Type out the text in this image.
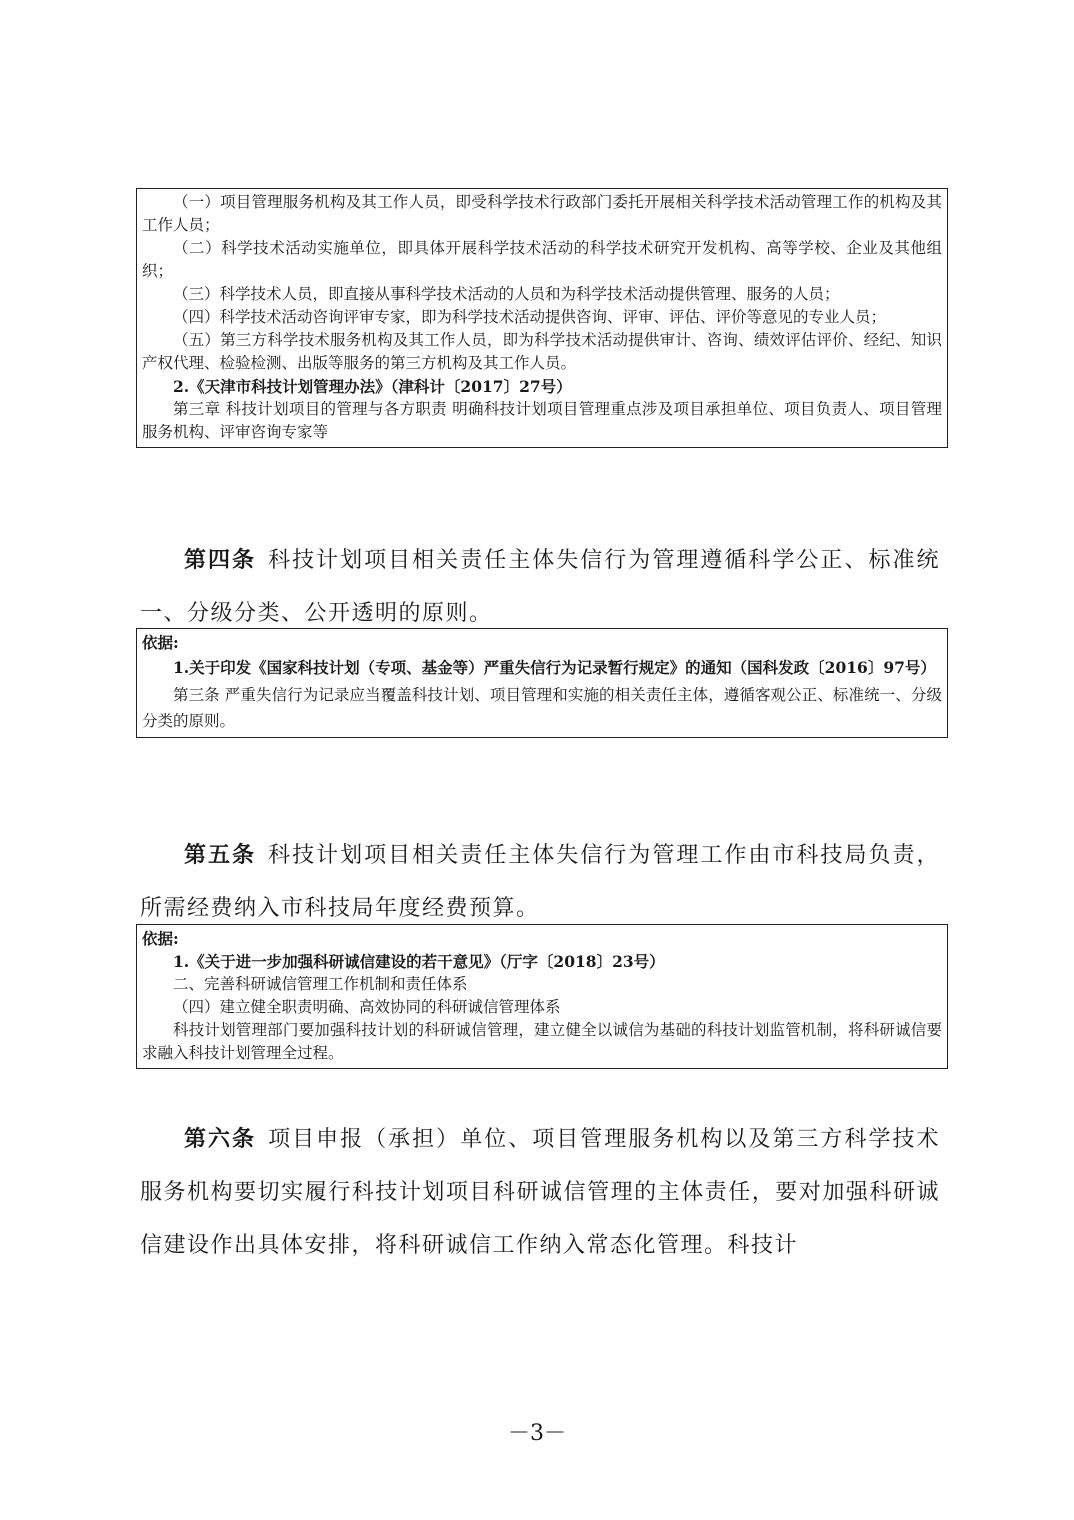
（一）项目管理服务机构及其工作人员，即受科学技术行政部门委托开展相关科学技术活动管理工作的机构及其工作人员；

（二）科学技术活动实施单位，即具体开展科学技术活动的科学技术研究开发机构、高等学校、企业及其他组织；

（三）科学技术人员，即直接从事科学技术活动的人员和为科学技术活动提供管理、服务的人员；

（四）科学技术活动咨询评审专家，即为科学技术活动提供咨询、评审、评估、评价等意见的专业人员；

（五）第三方科学技术服务机构及其工作人员，即为科学技术活动提供审计、咨询、绩效评估评价、经纪、知识产权代理、检验检测、出版等服务的第三方机构及其工作人员。

2.《天津市科技计划管理办法》（津科计〔2017〕27号）

第三章 科技计划项目的管理与各方职责 明确科技计划项目管理重点涉及项目承担单位、项目负责人、项目管理服务机构、评审咨询专家等

第四条 科技计划项目相关责任主体失信行为管理遵循科学公正、标准统一、分级分类、公开透明的原则。

依据:

1.关于印发《国家科技计划（专项、基金等）严重失信行为记录暂行规定》的通知（国科发政〔2016〕97号）

第三条 严重失信行为记录应当覆盖科技计划、项目管理和实施的相关责任主体，遵循客观公正、标准统一、分级分类的原则。

第五条 科技计划项目相关责任主体失信行为管理工作由市科技局负责，所需经费纳入市科技局年度经费预算。

依据:

1.《关于进一步加强科研诚信建设的若干意见》（厅字〔2018〕23号）

二、完善科研诚信管理工作机制和责任体系

（四）建立健全职责明确、高效协同的科研诚信管理体系

科技计划管理部门要加强科技计划的科研诚信管理，建立健全以诚信为基础的科技计划监管机制，将科研诚信要求融入科技计划管理全过程。

第六条 项目申报（承担）单位、项目管理服务机构以及第三方科学技术服务机构要切实履行科技计划项目科研诚信管理的主体责任，要对加强科研诚信建设作出具体安排，将科研诚信工作纳入常态化管理。科技计

－3－
